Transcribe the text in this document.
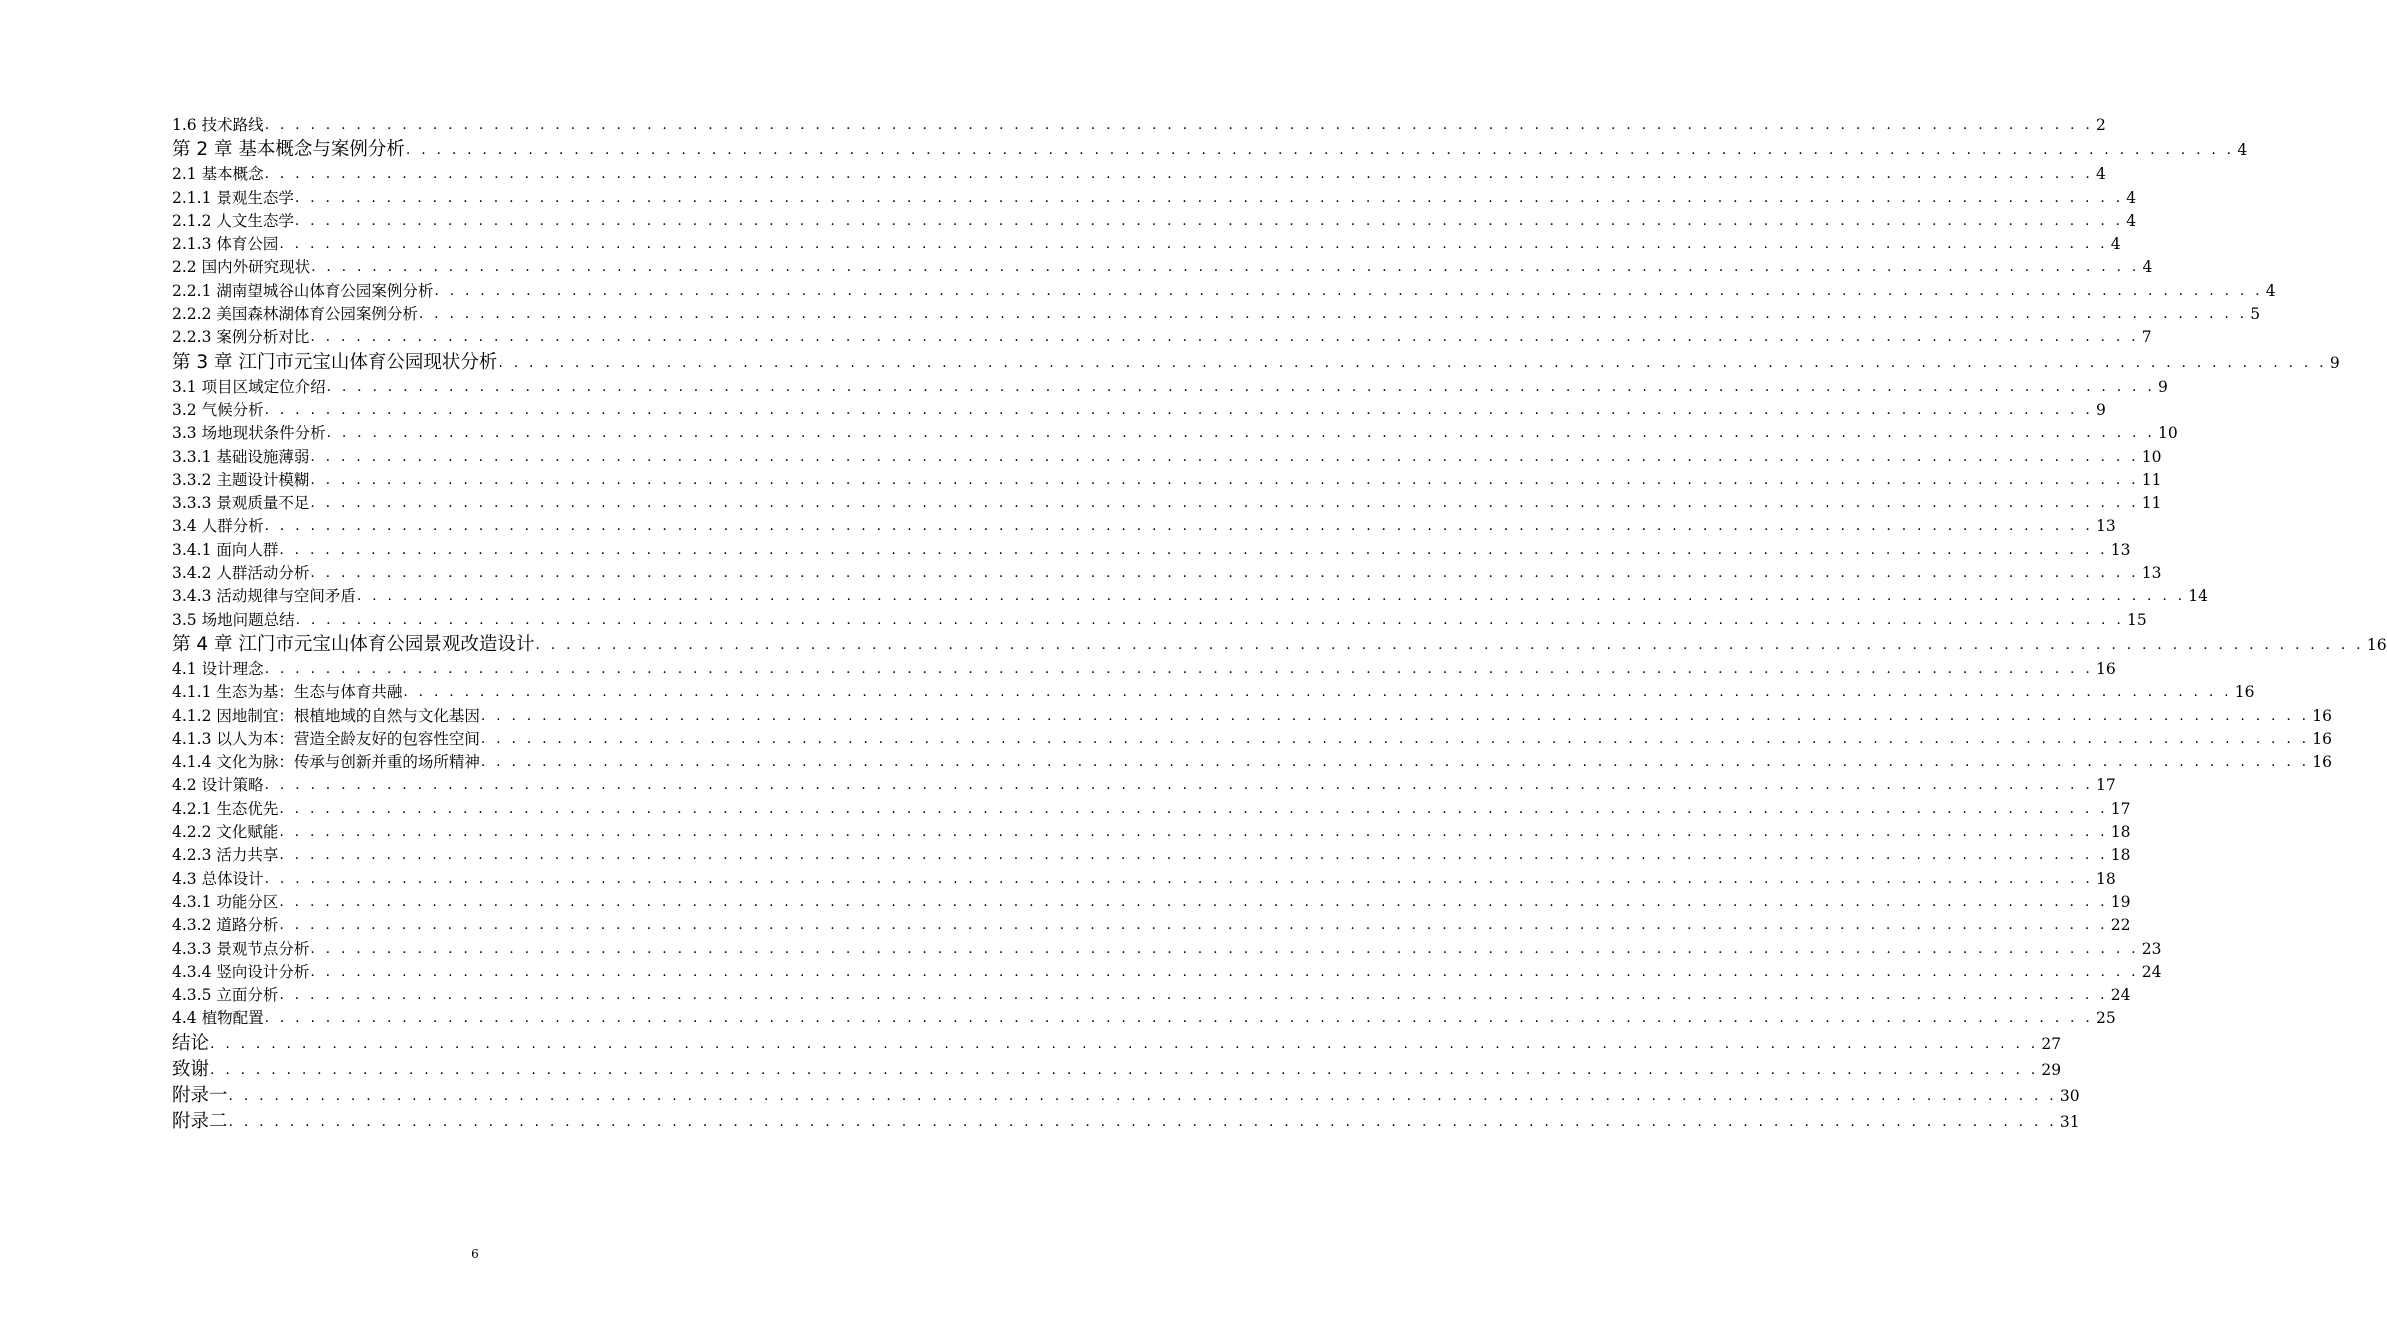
1.6 技术路线 . . . . . . . . . . . . . . . . . . . . . . . . . . . . . . . . . . . . . . . . . . . . . . . . . . . . . . . . . . . . . . . . . . . . . . . . . . . . . . . . . . . . . . . . . . . . . . . . . . . . . . . . . . . . . . . . . . . . . . . . 2
第 2 章 基本概念与案例分析 . . . . . . . . . . . . . . . . . . . . . . . . . . . . . . . . . . . . . . . . . . . . . . . . . . . . . . . . . . . . . . . . . . . . . . . . . . . . . . . . . . . . . . . . . . . . . . . . . . . . . . . . . . . . . . . . . . . . . . . . 4
2.1 基本概念 . . . . . . . . . . . . . . . . . . . . . . . . . . . . . . . . . . . . . . . . . . . . . . . . . . . . . . . . . . . . . . . . . . . . . . . . . . . . . . . . . . . . . . . . . . . . . . . . . . . . . . . . . . . . . . . . . . . . . . . . 4
2.1.1 景观生态学 . . . . . . . . . . . . . . . . . . . . . . . . . . . . . . . . . . . . . . . . . . . . . . . . . . . . . . . . . . . . . . . . . . . . . . . . . . . . . . . . . . . . . . . . . . . . . . . . . . . . . . . . . . . . . . . . . . . . . . . . 4
2.1.2 人文生态学 . . . . . . . . . . . . . . . . . . . . . . . . . . . . . . . . . . . . . . . . . . . . . . . . . . . . . . . . . . . . . . . . . . . . . . . . . . . . . . . . . . . . . . . . . . . . . . . . . . . . . . . . . . . . . . . . . . . . . . . . 4
2.1.3 体育公园 . . . . . . . . . . . . . . . . . . . . . . . . . . . . . . . . . . . . . . . . . . . . . . . . . . . . . . . . . . . . . . . . . . . . . . . . . . . . . . . . . . . . . . . . . . . . . . . . . . . . . . . . . . . . . . . . . . . . . . . . 4
2.2 国内外研究现状 . . . . . . . . . . . . . . . . . . . . . . . . . . . . . . . . . . . . . . . . . . . . . . . . . . . . . . . . . . . . . . . . . . . . . . . . . . . . . . . . . . . . . . . . . . . . . . . . . . . . . . . . . . . . . . . . . . . . . . . . 4
2.2.1 湖南望城谷山体育公园案例分析 . . . . . . . . . . . . . . . . . . . . . . . . . . . . . . . . . . . . . . . . . . . . . . . . . . . . . . . . . . . . . . . . . . . . . . . . . . . . . . . . . . . . . . . . . . . . . . . . . . . . . . . . . . . . . . . . . . . . . . . . 4
2.2.2 美国森林湖体育公园案例分析 . . . . . . . . . . . . . . . . . . . . . . . . . . . . . . . . . . . . . . . . . . . . . . . . . . . . . . . . . . . . . . . . . . . . . . . . . . . . . . . . . . . . . . . . . . . . . . . . . . . . . . . . . . . . . . . . . . . . . . . . 5
2.2.3 案例分析对比 . . . . . . . . . . . . . . . . . . . . . . . . . . . . . . . . . . . . . . . . . . . . . . . . . . . . . . . . . . . . . . . . . . . . . . . . . . . . . . . . . . . . . . . . . . . . . . . . . . . . . . . . . . . . . . . . . . . . . . . . 7
第 3 章 江门市元宝山体育公园现状分析 . . . . . . . . . . . . . . . . . . . . . . . . . . . . . . . . . . . . . . . . . . . . . . . . . . . . . . . . . . . . . . . . . . . . . . . . . . . . . . . . . . . . . . . . . . . . . . . . . . . . . . . . . . . . . . . . . . . . . . . . 9
3.1 项目区域定位介绍 . . . . . . . . . . . . . . . . . . . . . . . . . . . . . . . . . . . . . . . . . . . . . . . . . . . . . . . . . . . . . . . . . . . . . . . . . . . . . . . . . . . . . . . . . . . . . . . . . . . . . . . . . . . . . . . . . . . . . . . . 9
3.2 气候分析 . . . . . . . . . . . . . . . . . . . . . . . . . . . . . . . . . . . . . . . . . . . . . . . . . . . . . . . . . . . . . . . . . . . . . . . . . . . . . . . . . . . . . . . . . . . . . . . . . . . . . . . . . . . . . . . . . . . . . . . . 9
3.3 场地现状条件分析 . . . . . . . . . . . . . . . . . . . . . . . . . . . . . . . . . . . . . . . . . . . . . . . . . . . . . . . . . . . . . . . . . . . . . . . . . . . . . . . . . . . . . . . . . . . . . . . . . . . . . . . . . . . . . . . . . . . . . . . . 10
3.3.1 基础设施薄弱 . . . . . . . . . . . . . . . . . . . . . . . . . . . . . . . . . . . . . . . . . . . . . . . . . . . . . . . . . . . . . . . . . . . . . . . . . . . . . . . . . . . . . . . . . . . . . . . . . . . . . . . . . . . . . . . . . . . . . . . . 10
3.3.2 主题设计模糊 . . . . . . . . . . . . . . . . . . . . . . . . . . . . . . . . . . . . . . . . . . . . . . . . . . . . . . . . . . . . . . . . . . . . . . . . . . . . . . . . . . . . . . . . . . . . . . . . . . . . . . . . . . . . . . . . . . . . . . . . 11
3.3.3 景观质量不足 . . . . . . . . . . . . . . . . . . . . . . . . . . . . . . . . . . . . . . . . . . . . . . . . . . . . . . . . . . . . . . . . . . . . . . . . . . . . . . . . . . . . . . . . . . . . . . . . . . . . . . . . . . . . . . . . . . . . . . . . 11
3.4 人群分析 . . . . . . . . . . . . . . . . . . . . . . . . . . . . . . . . . . . . . . . . . . . . . . . . . . . . . . . . . . . . . . . . . . . . . . . . . . . . . . . . . . . . . . . . . . . . . . . . . . . . . . . . . . . . . . . . . . . . . . . . 13
3.4.1 面向人群 . . . . . . . . . . . . . . . . . . . . . . . . . . . . . . . . . . . . . . . . . . . . . . . . . . . . . . . . . . . . . . . . . . . . . . . . . . . . . . . . . . . . . . . . . . . . . . . . . . . . . . . . . . . . . . . . . . . . . . . . 13
3.4.2 人群活动分析 . . . . . . . . . . . . . . . . . . . . . . . . . . . . . . . . . . . . . . . . . . . . . . . . . . . . . . . . . . . . . . . . . . . . . . . . . . . . . . . . . . . . . . . . . . . . . . . . . . . . . . . . . . . . . . . . . . . . . . . . 13
3.4.3 活动规律与空间矛盾 . . . . . . . . . . . . . . . . . . . . . . . . . . . . . . . . . . . . . . . . . . . . . . . . . . . . . . . . . . . . . . . . . . . . . . . . . . . . . . . . . . . . . . . . . . . . . . . . . . . . . . . . . . . . . . . . . . . . . . . . 14
3.5 场地问题总结 . . . . . . . . . . . . . . . . . . . . . . . . . . . . . . . . . . . . . . . . . . . . . . . . . . . . . . . . . . . . . . . . . . . . . . . . . . . . . . . . . . . . . . . . . . . . . . . . . . . . . . . . . . . . . . . . . . . . . . . . 15
第 4 章 江门市元宝山体育公园景观改造设计 . . . . . . . . . . . . . . . . . . . . . . . . . . . . . . . . . . . . . . . . . . . . . . . . . . . . . . . . . . . . . . . . . . . . . . . . . . . . . . . . . . . . . . . . . . . . . . . . . . . . . . . . . . . . . . . . . . . . . . . . 16
4.1 设计理念 . . . . . . . . . . . . . . . . . . . . . . . . . . . . . . . . . . . . . . . . . . . . . . . . . . . . . . . . . . . . . . . . . . . . . . . . . . . . . . . . . . . . . . . . . . . . . . . . . . . . . . . . . . . . . . . . . . . . . . . . 16
4.1.1 生态为基：生态与体育共融 . . . . . . . . . . . . . . . . . . . . . . . . . . . . . . . . . . . . . . . . . . . . . . . . . . . . . . . . . . . . . . . . . . . . . . . . . . . . . . . . . . . . . . . . . . . . . . . . . . . . . . . . . . . . . . . . . . . . . . . . 16
4.1.2 因地制宜：根植地域的自然与文化基因 . . . . . . . . . . . . . . . . . . . . . . . . . . . . . . . . . . . . . . . . . . . . . . . . . . . . . . . . . . . . . . . . . . . . . . . . . . . . . . . . . . . . . . . . . . . . . . . . . . . . . . . . . . . . . . . . . . . . . . . . 16
4.1.3 以人为本：营造全龄友好的包容性空间 . . . . . . . . . . . . . . . . . . . . . . . . . . . . . . . . . . . . . . . . . . . . . . . . . . . . . . . . . . . . . . . . . . . . . . . . . . . . . . . . . . . . . . . . . . . . . . . . . . . . . . . . . . . . . . . . . . . . . . . . 16
4.1.4 文化为脉：传承与创新并重的场所精神 . . . . . . . . . . . . . . . . . . . . . . . . . . . . . . . . . . . . . . . . . . . . . . . . . . . . . . . . . . . . . . . . . . . . . . . . . . . . . . . . . . . . . . . . . . . . . . . . . . . . . . . . . . . . . . . . . . . . . . . . 16
4.2 设计策略 . . . . . . . . . . . . . . . . . . . . . . . . . . . . . . . . . . . . . . . . . . . . . . . . . . . . . . . . . . . . . . . . . . . . . . . . . . . . . . . . . . . . . . . . . . . . . . . . . . . . . . . . . . . . . . . . . . . . . . . . 17
4.2.1 生态优先 . . . . . . . . . . . . . . . . . . . . . . . . . . . . . . . . . . . . . . . . . . . . . . . . . . . . . . . . . . . . . . . . . . . . . . . . . . . . . . . . . . . . . . . . . . . . . . . . . . . . . . . . . . . . . . . . . . . . . . . . 17
4.2.2 文化赋能 . . . . . . . . . . . . . . . . . . . . . . . . . . . . . . . . . . . . . . . . . . . . . . . . . . . . . . . . . . . . . . . . . . . . . . . . . . . . . . . . . . . . . . . . . . . . . . . . . . . . . . . . . . . . . . . . . . . . . . . . 18
4.2.3 活力共享 . . . . . . . . . . . . . . . . . . . . . . . . . . . . . . . . . . . . . . . . . . . . . . . . . . . . . . . . . . . . . . . . . . . . . . . . . . . . . . . . . . . . . . . . . . . . . . . . . . . . . . . . . . . . . . . . . . . . . . . . 18
4.3 总体设计 . . . . . . . . . . . . . . . . . . . . . . . . . . . . . . . . . . . . . . . . . . . . . . . . . . . . . . . . . . . . . . . . . . . . . . . . . . . . . . . . . . . . . . . . . . . . . . . . . . . . . . . . . . . . . . . . . . . . . . . . 18
4.3.1 功能分区 . . . . . . . . . . . . . . . . . . . . . . . . . . . . . . . . . . . . . . . . . . . . . . . . . . . . . . . . . . . . . . . . . . . . . . . . . . . . . . . . . . . . . . . . . . . . . . . . . . . . . . . . . . . . . . . . . . . . . . . . 19
4.3.2 道路分析 . . . . . . . . . . . . . . . . . . . . . . . . . . . . . . . . . . . . . . . . . . . . . . . . . . . . . . . . . . . . . . . . . . . . . . . . . . . . . . . . . . . . . . . . . . . . . . . . . . . . . . . . . . . . . . . . . . . . . . . . 22
4.3.3 景观节点分析 . . . . . . . . . . . . . . . . . . . . . . . . . . . . . . . . . . . . . . . . . . . . . . . . . . . . . . . . . . . . . . . . . . . . . . . . . . . . . . . . . . . . . . . . . . . . . . . . . . . . . . . . . . . . . . . . . . . . . . . . 23
4.3.4 竖向设计分析 . . . . . . . . . . . . . . . . . . . . . . . . . . . . . . . . . . . . . . . . . . . . . . . . . . . . . . . . . . . . . . . . . . . . . . . . . . . . . . . . . . . . . . . . . . . . . . . . . . . . . . . . . . . . . . . . . . . . . . . . 24
4.3.5 立面分析 . . . . . . . . . . . . . . . . . . . . . . . . . . . . . . . . . . . . . . . . . . . . . . . . . . . . . . . . . . . . . . . . . . . . . . . . . . . . . . . . . . . . . . . . . . . . . . . . . . . . . . . . . . . . . . . . . . . . . . . . 24
4.4 植物配置 . . . . . . . . . . . . . . . . . . . . . . . . . . . . . . . . . . . . . . . . . . . . . . . . . . . . . . . . . . . . . . . . . . . . . . . . . . . . . . . . . . . . . . . . . . . . . . . . . . . . . . . . . . . . . . . . . . . . . . . . 25
结论 . . . . . . . . . . . . . . . . . . . . . . . . . . . . . . . . . . . . . . . . . . . . . . . . . . . . . . . . . . . . . . . . . . . . . . . . . . . . . . . . . . . . . . . . . . . . . . . . . . . . . . . . . . . . . . . . . . . . . . . . 27
致谢 . . . . . . . . . . . . . . . . . . . . . . . . . . . . . . . . . . . . . . . . . . . . . . . . . . . . . . . . . . . . . . . . . . . . . . . . . . . . . . . . . . . . . . . . . . . . . . . . . . . . . . . . . . . . . . . . . . . . . . . . 29
附录一 . . . . . . . . . . . . . . . . . . . . . . . . . . . . . . . . . . . . . . . . . . . . . . . . . . . . . . . . . . . . . . . . . . . . . . . . . . . . . . . . . . . . . . . . . . . . . . . . . . . . . . . . . . . . . . . . . . . . . . . . 30
附录二 . . . . . . . . . . . . . . . . . . . . . . . . . . . . . . . . . . . . . . . . . . . . . . . . . . . . . . . . . . . . . . . . . . . . . . . . . . . . . . . . . . . . . . . . . . . . . . . . . . . . . . . . . . . . . . . . . . . . . . . . 31
6
